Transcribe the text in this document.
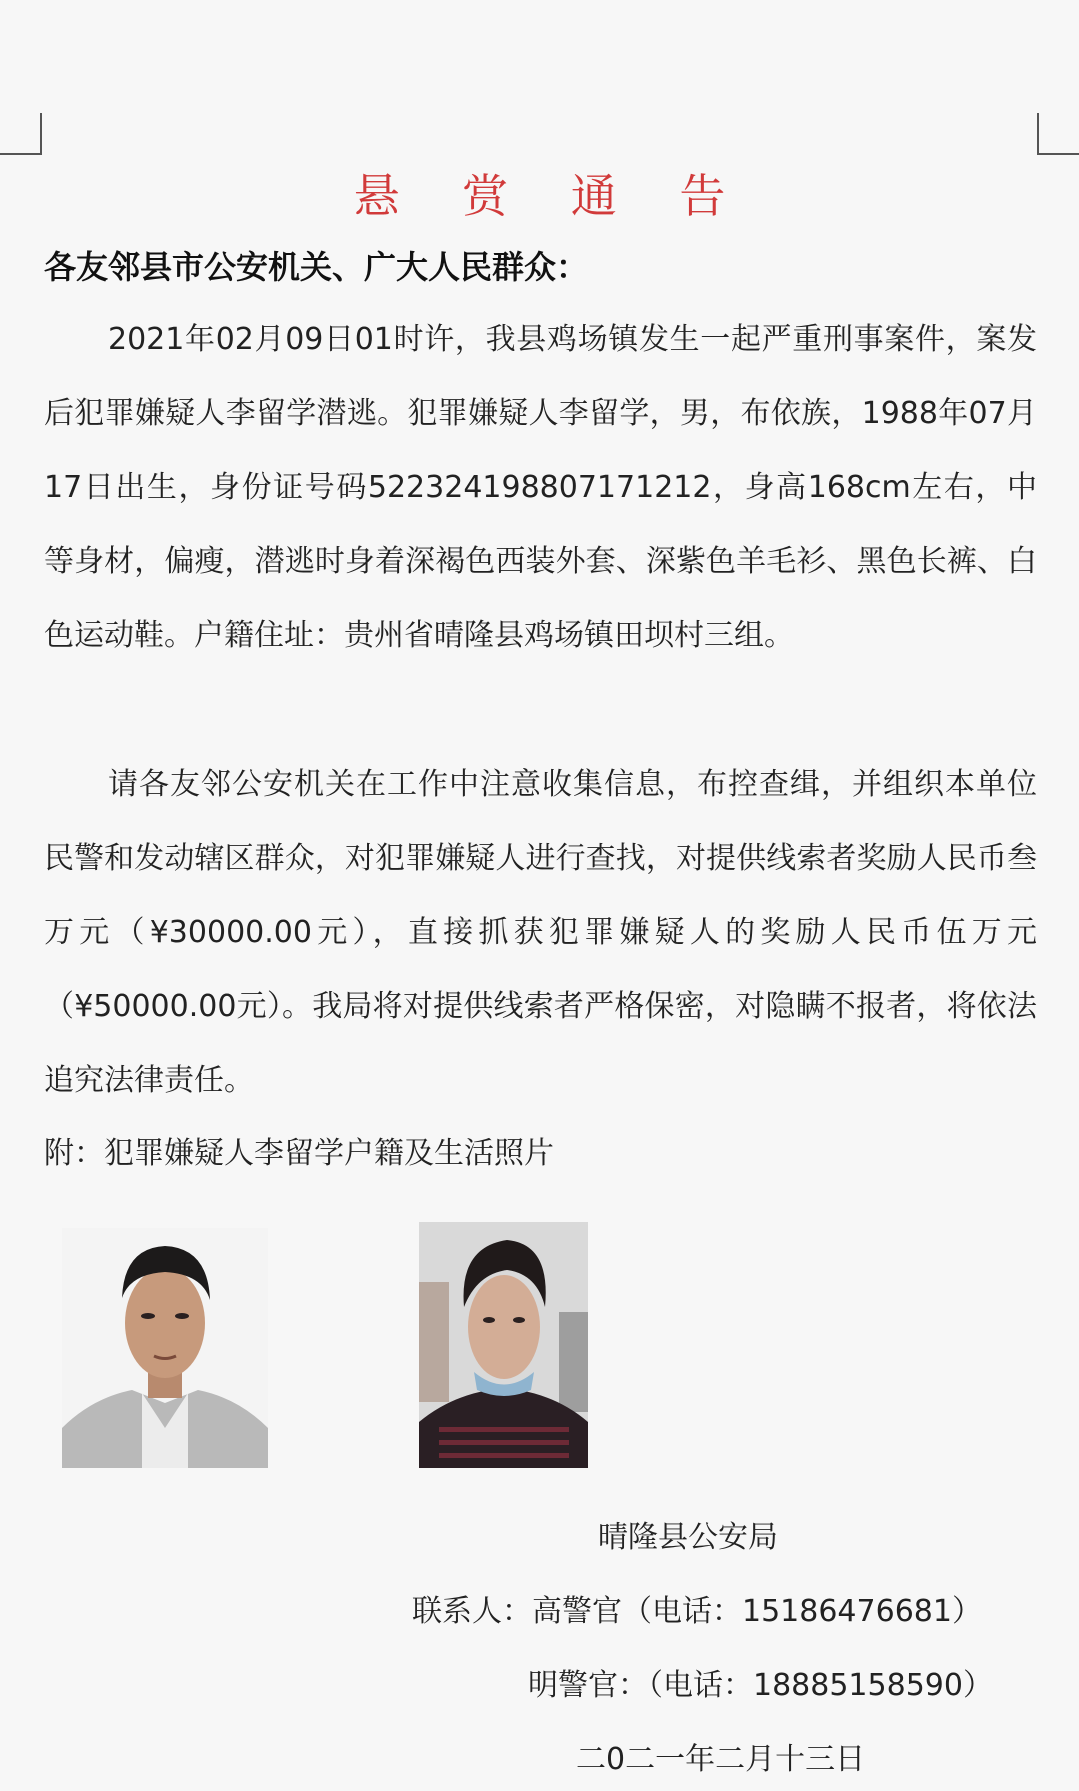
悬 赏 通 告
各友邻县市公安机关、广大人民群众：
2021年02月09日01时许，我县鸡场镇发生一起严重刑事案件，案发后犯罪嫌疑人李留学潜逃。犯罪嫌疑人李留学，男，布依族，1988年07月17日出生，身份证号码522324198807171212，身高168cm左右，中等身材，偏瘦，潜逃时身着深褐色西装外套、深紫色羊毛衫、黑色长裤、白色运动鞋。户籍住址：贵州省晴隆县鸡场镇田坝村三组。
请各友邻公安机关在工作中注意收集信息，布控查缉，并组织本单位民警和发动辖区群众，对犯罪嫌疑人进行查找，对提供线索者奖励人民币叁万元（¥30000.00元），直接抓获犯罪嫌疑人的奖励人民币伍万元（¥50000.00元）。我局将对提供线索者严格保密，对隐瞒不报者，将依法追究法律责任。
附：犯罪嫌疑人李留学户籍及生活照片
晴隆县公安局
联系人：高警官（电话：15186476681）
明警官：（电话：18885158590）
二0二一年二月十三日
